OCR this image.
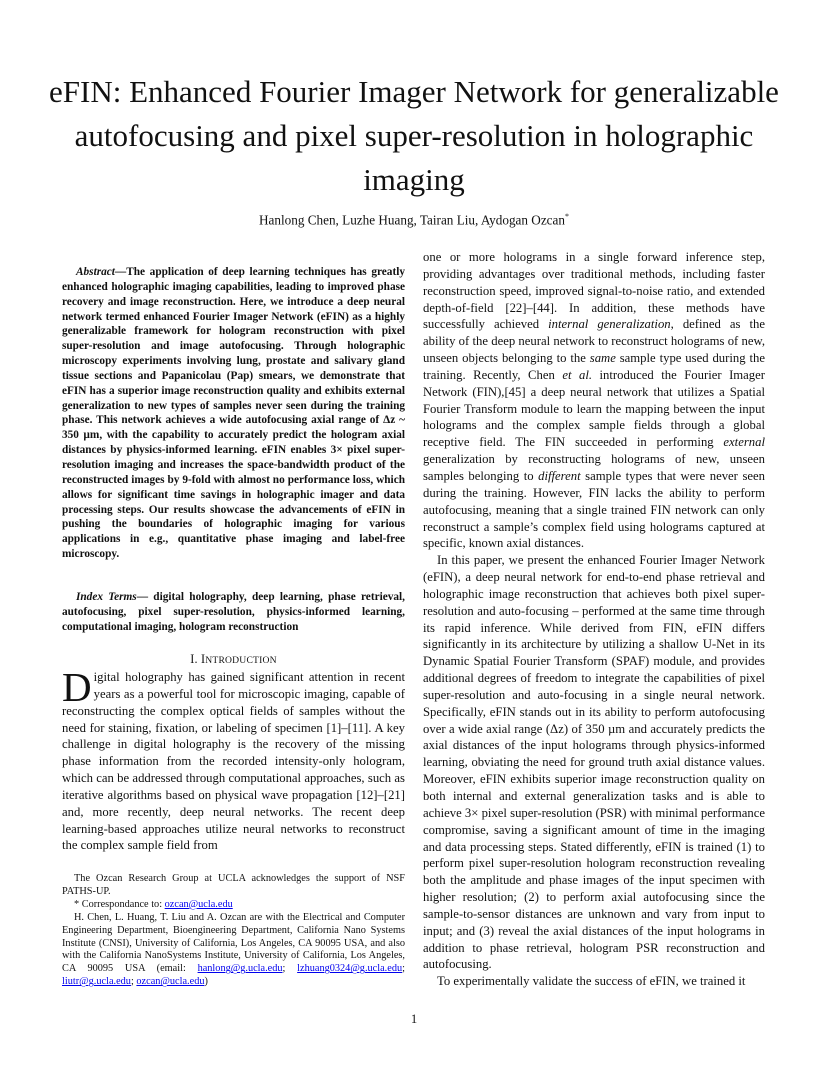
eFIN: Enhanced Fourier Imager Network for generalizable autofocusing and pixel super-resolution in holographic imaging
Hanlong Chen, Luzhe Huang, Tairan Liu, Aydogan Ozcan*

Abstract—The application of deep learning techniques has greatly enhanced holographic imaging capabilities, leading to improved phase recovery and image reconstruction. Here, we introduce a deep neural network termed enhanced Fourier Imager Network (eFIN) as a highly generalizable framework for hologram reconstruction with pixel super-resolution and image autofocusing. Through holographic microscopy experiments involving lung, prostate and salivary gland tissue sections and Papanicolau (Pap) smears, we demonstrate that eFIN has a superior image reconstruction quality and exhibits external generalization to new types of samples never seen during the training phase. This network achieves a wide autofocusing axial range of Δz ~ 350 µm, with the capability to accurately predict the hologram axial distances by physics-informed learning. eFIN enables 3× pixel super-resolution imaging and increases the space-bandwidth product of the reconstructed images by 9-fold with almost no performance loss, which allows for significant time savings in holographic imager and data processing steps. Our results showcase the advancements of eFIN in pushing the boundaries of holographic imaging for various applications in e.g., quantitative phase imaging and label-free microscopy.

Index Terms— digital holography, deep learning, phase retrieval, autofocusing, pixel super-resolution, physics-informed learning, computational imaging, hologram reconstruction

I. INTRODUCTION

Digital holography has gained significant attention in recent years as a powerful tool for microscopic imaging, capable of reconstructing the complex optical fields of samples without the need for staining, fixation, or labeling of specimen [1]–[11]. A key challenge in digital holography is the recovery of the missing phase information from the recorded intensity-only hologram, which can be addressed through computational approaches, such as iterative algorithms based on physical wave propagation [12]–[21] and, more recently, deep neural networks. The recent deep learning-based approaches utilize neural networks to reconstruct the complex sample field from

The Ozcan Research Group at UCLA acknowledges the support of NSF PATHS-UP.

* Correspondance to: ozcan@ucla.edu

H. Chen, L. Huang, T. Liu and A. Ozcan are with the Electrical and Computer Engineering Department, Bioengineering Department, California Nano Systems Institute (CNSI), University of California, Los Angeles, CA 90095 USA, and also with the California NanoSystems Institute, University of California, Los Angeles, CA 90095 USA (email: hanlong@g.ucla.edu; lzhuang0324@g.ucla.edu; liutr@g.ucla.edu; ozcan@ucla.edu)

one or more holograms in a single forward inference step, providing advantages over traditional methods, including faster reconstruction speed, improved signal-to-noise ratio, and extended depth-of-field [22]–[44]. In addition, these methods have successfully achieved internal generalization, defined as the ability of the deep neural network to reconstruct holograms of new, unseen objects belonging to the same sample type used during the training. Recently, Chen et al. introduced the Fourier Imager Network (FIN),[45] a deep neural network that utilizes a Spatial Fourier Transform module to learn the mapping between the input holograms and the complex sample fields through a global receptive field. The FIN succeeded in performing external generalization by reconstructing holograms of new, unseen samples belonging to different sample types that were never seen during the training. However, FIN lacks the ability to perform autofocusing, meaning that a single trained FIN network can only reconstruct a sample’s complex field using holograms captured at specific, known axial distances.

In this paper, we present the enhanced Fourier Imager Network (eFIN), a deep neural network for end-to-end phase retrieval and holographic image reconstruction that achieves both pixel super-resolution and auto-focusing – performed at the same time through its rapid inference. While derived from FIN, eFIN differs significantly in its architecture by utilizing a shallow U-Net in its Dynamic Spatial Fourier Transform (SPAF) module, and provides additional degrees of freedom to integrate the capabilities of pixel super-resolution and auto-focusing in a single neural network. Specifically, eFIN stands out in its ability to perform autofocusing over a wide axial range (Δz) of 350 µm and accurately predicts the axial distances of the input holograms through physics-informed learning, obviating the need for ground truth axial distance values. Moreover, eFIN exhibits superior image reconstruction quality on both internal and external generalization tasks and is able to achieve 3× pixel super-resolution (PSR) with minimal performance compromise, saving a significant amount of time in the imaging and data processing steps. Stated differently, eFIN is trained (1) to perform pixel super-resolution hologram reconstruction revealing both the amplitude and phase images of the input specimen with higher resolution; (2) to perform axial autofocusing since the sample-to-sensor distances are unknown and vary from input to input; and (3) reveal the axial distances of the input holograms in addition to phase retrieval, hologram PSR reconstruction and autofocusing.

To experimentally validate the success of eFIN, we trained it

1
